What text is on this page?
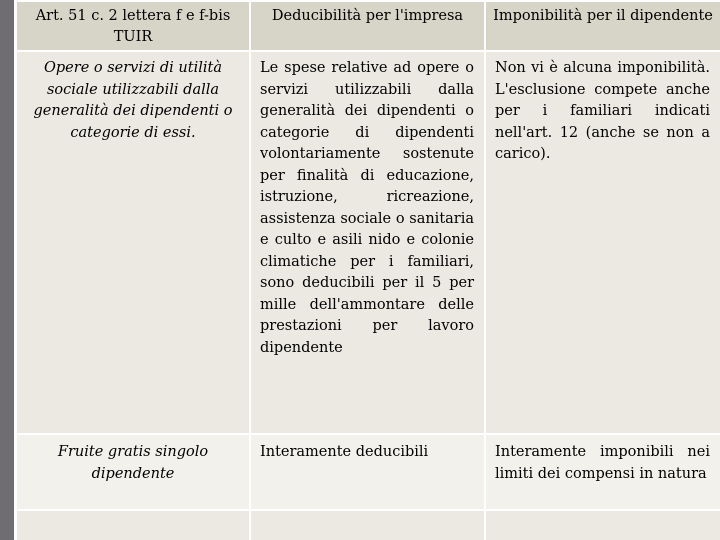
Art. 51 c. 2 lettera f e f-bis TUIR	Deducibilità per l'impresa	Imponibilità per il dipendente

Opere o servizi di utilità sociale utilizzabili dalla generalità dei dipendenti o categorie di essi.	Le spese relative ad opere o servizi utilizzabili dalla generalità dei dipendenti o categorie di dipendenti volontariamente sostenute per finalità di educazione, istruzione, ricreazione, assistenza sociale o sanitaria e culto e asili nido e colonie climatiche per i familiari, sono deducibili per il 5 per mille dell'ammontare delle prestazioni per lavoro dipendente	Non vi è alcuna imponibilità. L'esclusione compete anche per i familiari indicati nell'art. 12 (anche se non a carico).

Fruite gratis singolo dipendente	Interamente deducibili	Interamente imponibili nei limiti dei compensi in natura
